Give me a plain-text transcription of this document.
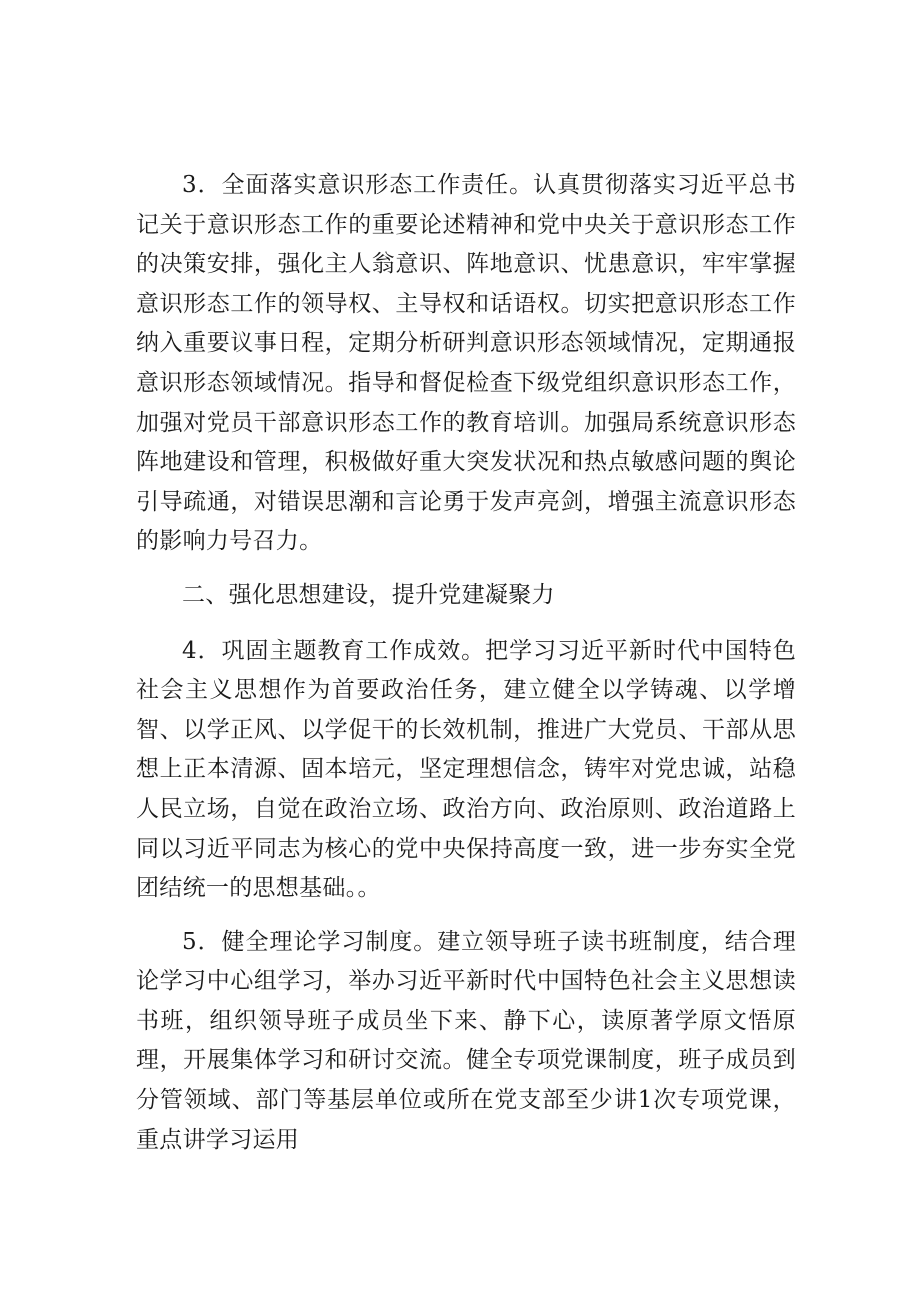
3．全面落实意识形态工作责任。认真贯彻落实习近平总书记关于意识形态工作的重要论述精神和党中央关于意识形态工作的决策安排，强化主人翁意识、阵地意识、忧患意识，牢牢掌握意识形态工作的领导权、主导权和话语权。切实把意识形态工作纳入重要议事日程，定期分析研判意识形态领域情况，定期通报意识形态领域情况。指导和督促检查下级党组织意识形态工作，加强对党员干部意识形态工作的教育培训。加强局系统意识形态阵地建设和管理，积极做好重大突发状况和热点敏感问题的舆论引导疏通，对错误思潮和言论勇于发声亮剑，增强主流意识形态的影响力号召力。

二、强化思想建设，提升党建凝聚力

4．巩固主题教育工作成效。把学习习近平新时代中国特色社会主义思想作为首要政治任务，建立健全以学铸魂、以学增智、以学正风、以学促干的长效机制，推进广大党员、干部从思想上正本清源、固本培元，坚定理想信念，铸牢对党忠诚，站稳人民立场，自觉在政治立场、政治方向、政治原则、政治道路上同以习近平同志为核心的党中央保持高度一致，进一步夯实全党团结统一的思想基础。。

5．健全理论学习制度。建立领导班子读书班制度，结合理论学习中心组学习，举办习近平新时代中国特色社会主义思想读书班，组织领导班子成员坐下来、静下心，读原著学原文悟原理，开展集体学习和研讨交流。健全专项党课制度，班子成员到分管领域、部门等基层单位或所在党支部至少讲1次专项党课，重点讲学习运用
